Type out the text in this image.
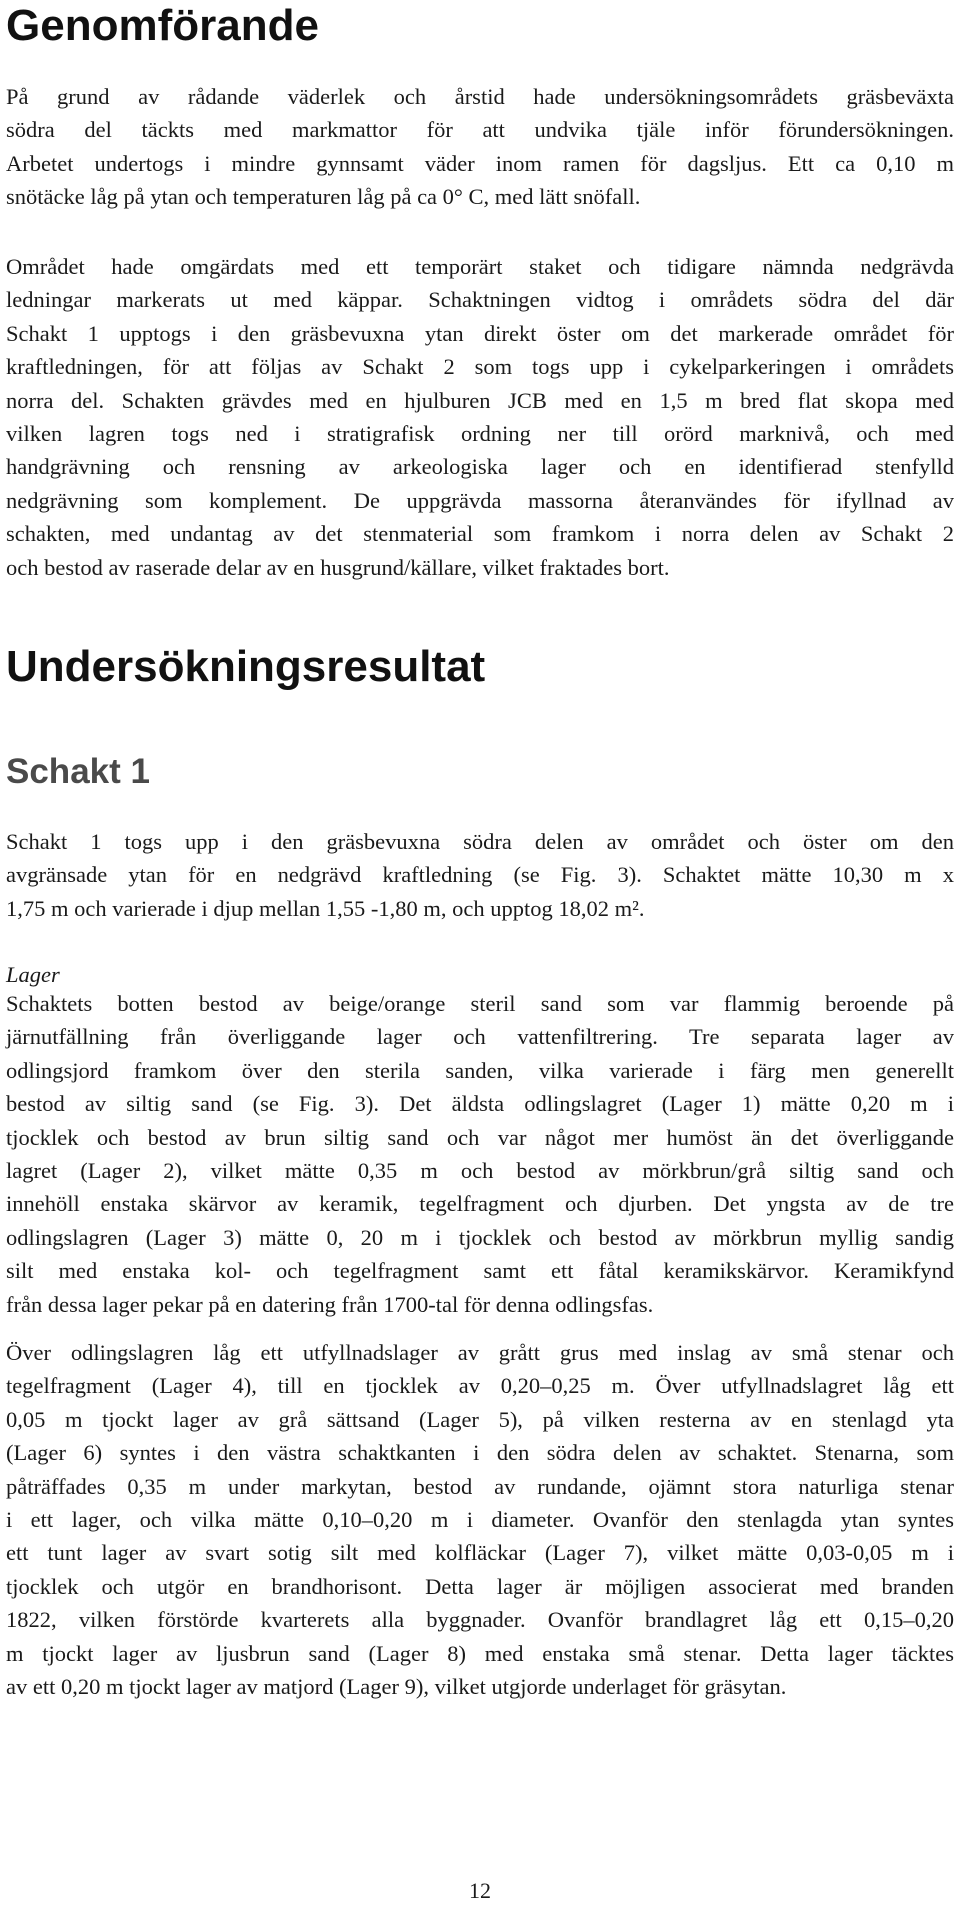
Genomförande

På grund av rådande väderlek och årstid hade undersökningsområdets gräsbeväxta
södra del täckts med markmattor för att undvika tjäle inför förundersökningen.
Arbetet undertogs i mindre gynnsamt väder inom ramen för dagsljus. Ett ca 0,10 m
snötäcke låg på ytan och temperaturen låg på ca 0° C, med lätt snöfall.

Området hade omgärdats med ett temporärt staket och tidigare nämnda nedgrävda
ledningar markerats ut med käppar. Schaktningen vidtog i områdets södra del där
Schakt 1 upptogs i den gräsbevuxna ytan direkt öster om det markerade området för
kraftledningen, för att följas av Schakt 2 som togs upp i cykelparkeringen i områdets
norra del. Schakten grävdes med en hjulburen JCB med en 1,5 m bred flat skopa med
vilken lagren togs ned i stratigrafisk ordning ner till orörd marknivå, och med
handgrävning och rensning av arkeologiska lager och en identifierad stenfylld
nedgrävning som komplement. De uppgrävda massorna återanvändes för ifyllnad av
schakten, med undantag av det stenmaterial som framkom i norra delen av Schakt 2
och bestod av raserade delar av en husgrund/källare, vilket fraktades bort.

Undersökningsresultat
Schakt 1

Schakt 1 togs upp i den gräsbevuxna södra delen av området och öster om den
avgränsade ytan för en nedgrävd kraftledning (se Fig. 3). Schaktet mätte 10,30 m x
1,75 m och varierade i djup mellan 1,55 -1,80 m, och upptog 18,02 m².

Lager

Schaktets botten bestod av beige/orange steril sand som var flammig beroende på
järnutfällning från överliggande lager och vattenfiltrering. Tre separata lager av
odlingsjord framkom över den sterila sanden, vilka varierade i färg men generellt
bestod av siltig sand (se Fig. 3). Det äldsta odlingslagret (Lager 1) mätte 0,20 m i
tjocklek och bestod av brun siltig sand och var något mer humöst än det överliggande
lagret (Lager 2), vilket mätte 0,35 m och bestod av mörkbrun/grå siltig sand och
innehöll enstaka skärvor av keramik, tegelfragment och djurben. Det yngsta av de tre
odlingslagren (Lager 3) mätte 0, 20 m i tjocklek och bestod av mörkbrun myllig sandig
silt med enstaka kol- och tegelfragment samt ett fåtal keramikskärvor. Keramikfynd
från dessa lager pekar på en datering från 1700-tal för denna odlingsfas.

Över odlingslagren låg ett utfyllnadslager av grått grus med inslag av små stenar och
tegelfragment (Lager 4), till en tjocklek av 0,20–0,25 m. Över utfyllnadslagret låg ett
0,05 m tjockt lager av grå sättsand (Lager 5), på vilken resterna av en stenlagd yta
(Lager 6) syntes i den västra schaktkanten i den södra delen av schaktet. Stenarna, som
påträffades 0,35 m under markytan, bestod av rundande, ojämnt stora naturliga stenar
i ett lager, och vilka mätte 0,10–0,20 m i diameter. Ovanför den stenlagda ytan syntes
ett tunt lager av svart sotig silt med kolfläckar (Lager 7), vilket mätte 0,03-0,05 m i
tjocklek och utgör en brandhorisont. Detta lager är möjligen associerat med branden
1822, vilken förstörde kvarterets alla byggnader. Ovanför brandlagret låg ett 0,15–0,20
m tjockt lager av ljusbrun sand (Lager 8) med enstaka små stenar. Detta lager täcktes
av ett 0,20 m tjockt lager av matjord (Lager 9), vilket utgjorde underlaget för gräsytan.

12
